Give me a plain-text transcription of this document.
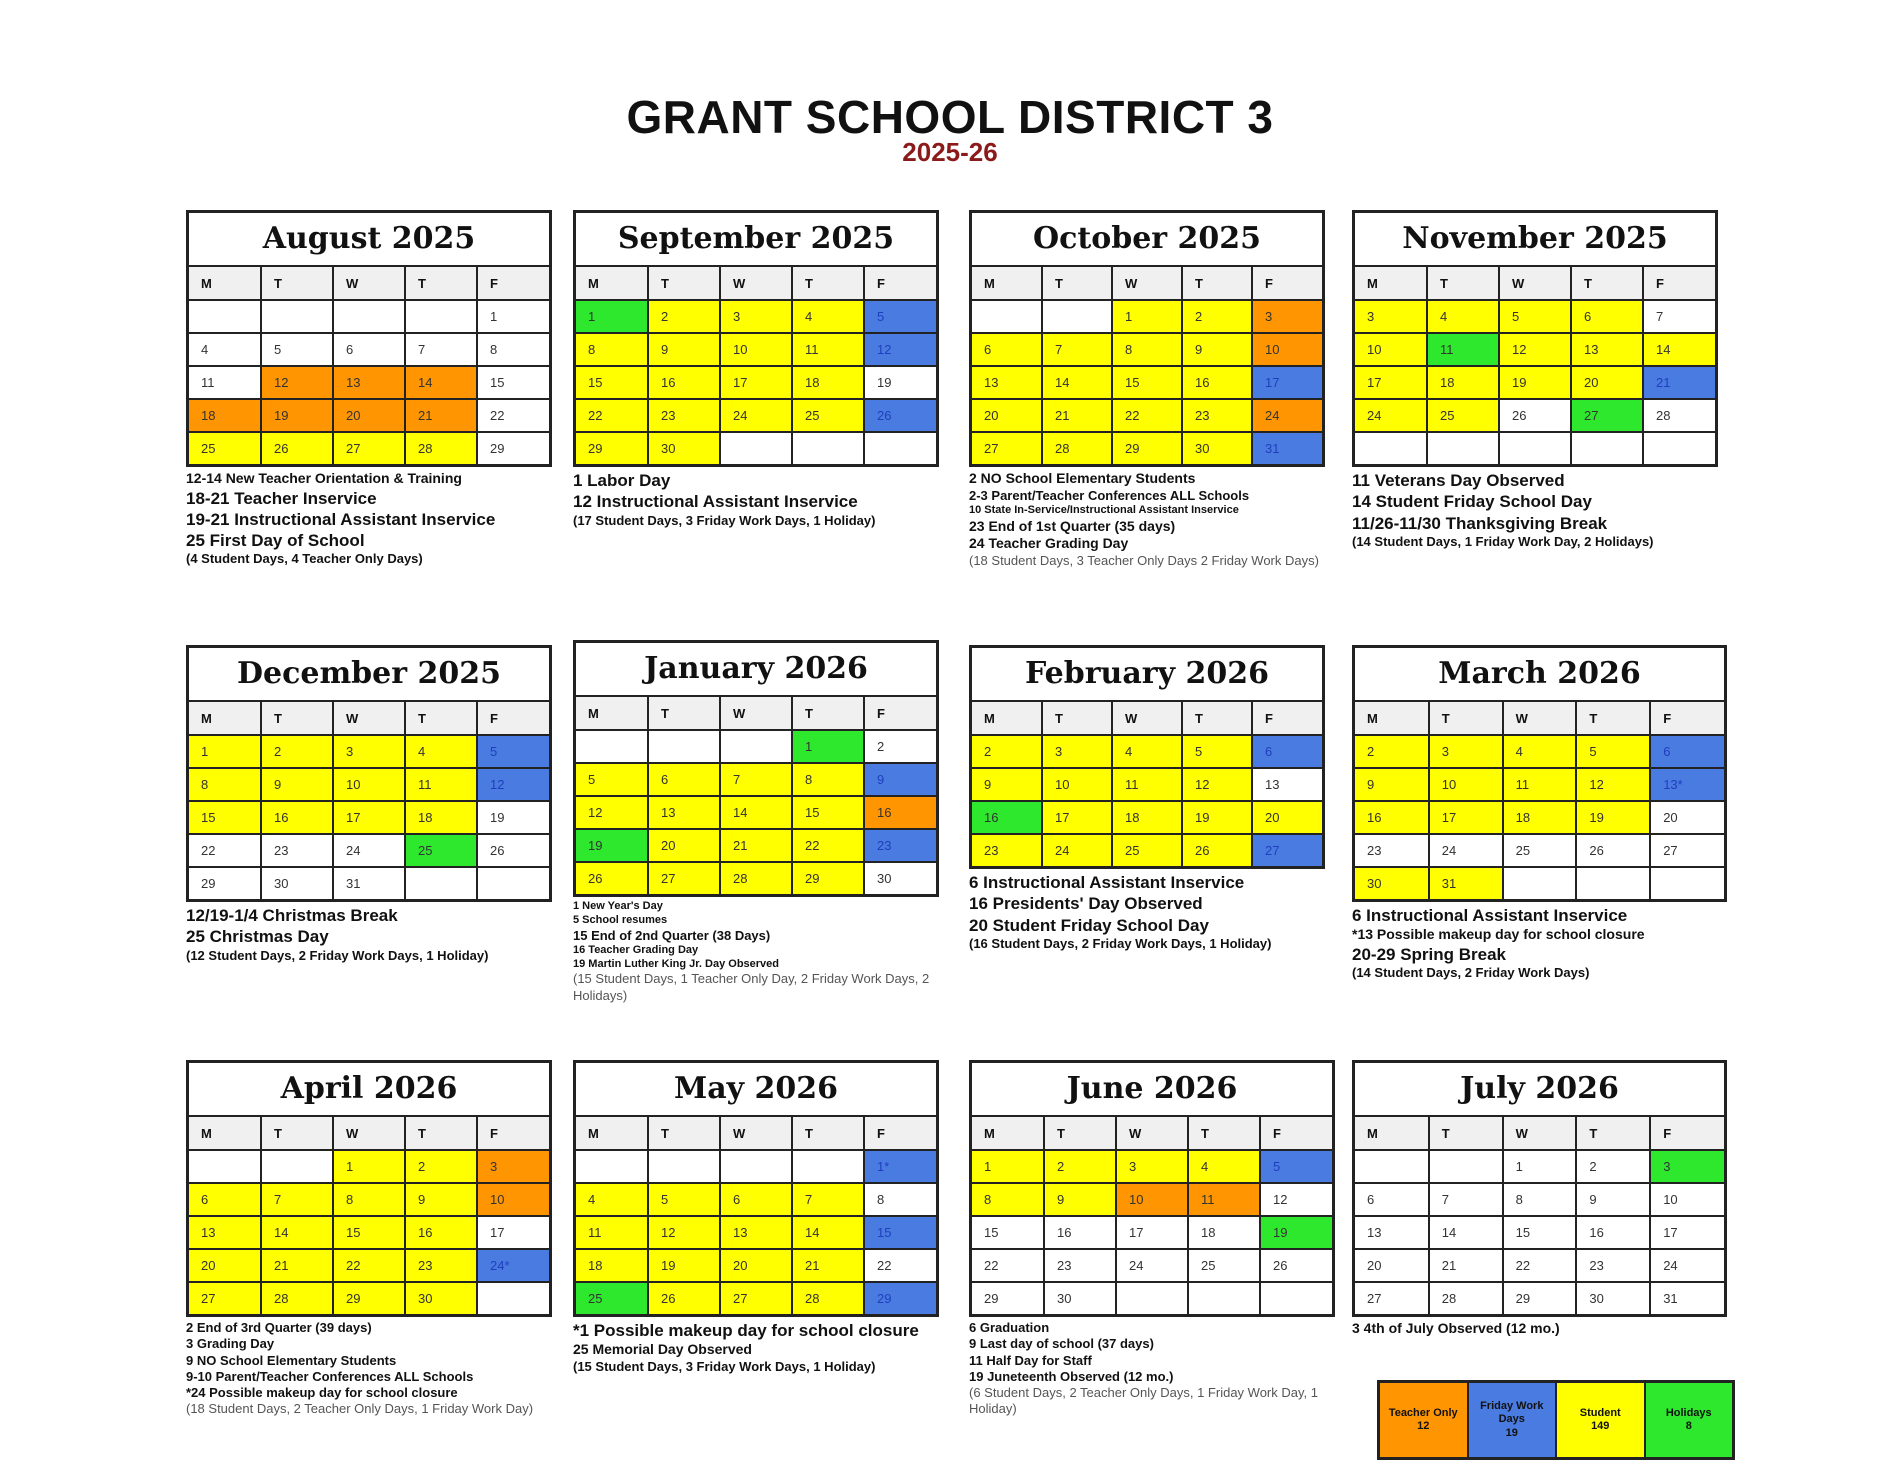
GRANT SCHOOL DISTRICT 3
2025-26
August 2025
M	T	W	T	F
				1
4	5	6	7	8
11	12	13	14	15
18	19	20	21	22
25	26	27	28	29
12-14 New Teacher Orientation & Training
18-21 Teacher Inservice
19-21 Instructional Assistant Inservice
25 First Day of School
(4 Student Days, 4 Teacher Only Days)
September 2025
M	T	W	T	F
1	2	3	4	5
8	9	10	11	12
15	16	17	18	19
22	23	24	25	26
29	30			
1 Labor Day
12 Instructional Assistant Inservice
(17 Student Days, 3 Friday Work Days, 1 Holiday)
October 2025
M	T	W	T	F
		1	2	3
6	7	8	9	10
13	14	15	16	17
20	21	22	23	24
27	28	29	30	31
2 NO School Elementary Students
2-3 Parent/Teacher Conferences ALL Schools
10 State In-Service/Instructional Assistant Inservice
23 End of 1st Quarter (35 days)
24 Teacher Grading Day
(18 Student Days, 3 Teacher Only Days 2 Friday Work Days)
November 2025
M	T	W	T	F
3	4	5	6	7
10	11	12	13	14
17	18	19	20	21
24	25	26	27	28

11 Veterans Day Observed
14 Student Friday School Day
11/26-11/30 Thanksgiving Break
(14 Student Days, 1 Friday Work Day, 2 Holidays)
December 2025
M	T	W	T	F
1	2	3	4	5
8	9	10	11	12
15	16	17	18	19
22	23	24	25	26
29	30	31		
12/19-1/4 Christmas Break
25 Christmas Day
(12 Student Days, 2 Friday Work Days, 1 Holiday)
January 2026
M	T	W	T	F
			1	2
5	6	7	8	9
12	13	14	15	16
19	20	21	22	23
26	27	28	29	30
1 New Year's Day
5 School resumes
15 End of 2nd Quarter (38 Days)
16 Teacher Grading Day
19 Martin Luther King Jr. Day Observed
(15 Student Days, 1 Teacher Only Day, 2 Friday Work Days, 2 Holidays)
February 2026
M	T	W	T	F
2	3	4	5	6
9	10	11	12	13
16	17	18	19	20
23	24	25	26	27
6 Instructional Assistant Inservice
16 Presidents' Day Observed
20 Student Friday School Day
(16 Student Days, 2 Friday Work Days, 1 Holiday)
March 2026
M	T	W	T	F
2	3	4	5	6
9	10	11	12	13*
16	17	18	19	20
23	24	25	26	27
30	31			
6 Instructional Assistant Inservice
*13 Possible makeup day for school closure
20-29 Spring Break
(14 Student Days, 2 Friday Work Days)
April 2026
M	T	W	T	F
		1	2	3
6	7	8	9	10
13	14	15	16	17
20	21	22	23	24*
27	28	29	30	
2 End of 3rd Quarter (39 days)
3 Grading Day
9 NO School Elementary Students
9-10 Parent/Teacher Conferences ALL Schools
*24 Possible makeup day for school closure
(18 Student Days, 2 Teacher Only Days, 1 Friday Work Day)
May 2026
M	T	W	T	F
				1*
4	5	6	7	8
11	12	13	14	15
18	19	20	21	22
25	26	27	28	29
*1 Possible makeup day for school closure
25 Memorial Day Observed
(15 Student Days, 3 Friday Work Days, 1 Holiday)
June 2026
M	T	W	T	F
1	2	3	4	5
8	9	10	11	12
15	16	17	18	19
22	23	24	25	26
29	30			
6 Graduation
9 Last day of school (37 days)
11 Half Day for Staff
19 Juneteenth Observed (12 mo.)
(6 Student Days, 2 Teacher Only Days, 1 Friday Work Day, 1 Holiday)
July 2026
M	T	W	T	F
		1	2	3
6	7	8	9	10
13	14	15	16	17
20	21	22	23	24
27	28	29	30	31
3 4th of July Observed (12 mo.)
Teacher Only
12
Friday Work Days
19
Student
149
Holidays
8
